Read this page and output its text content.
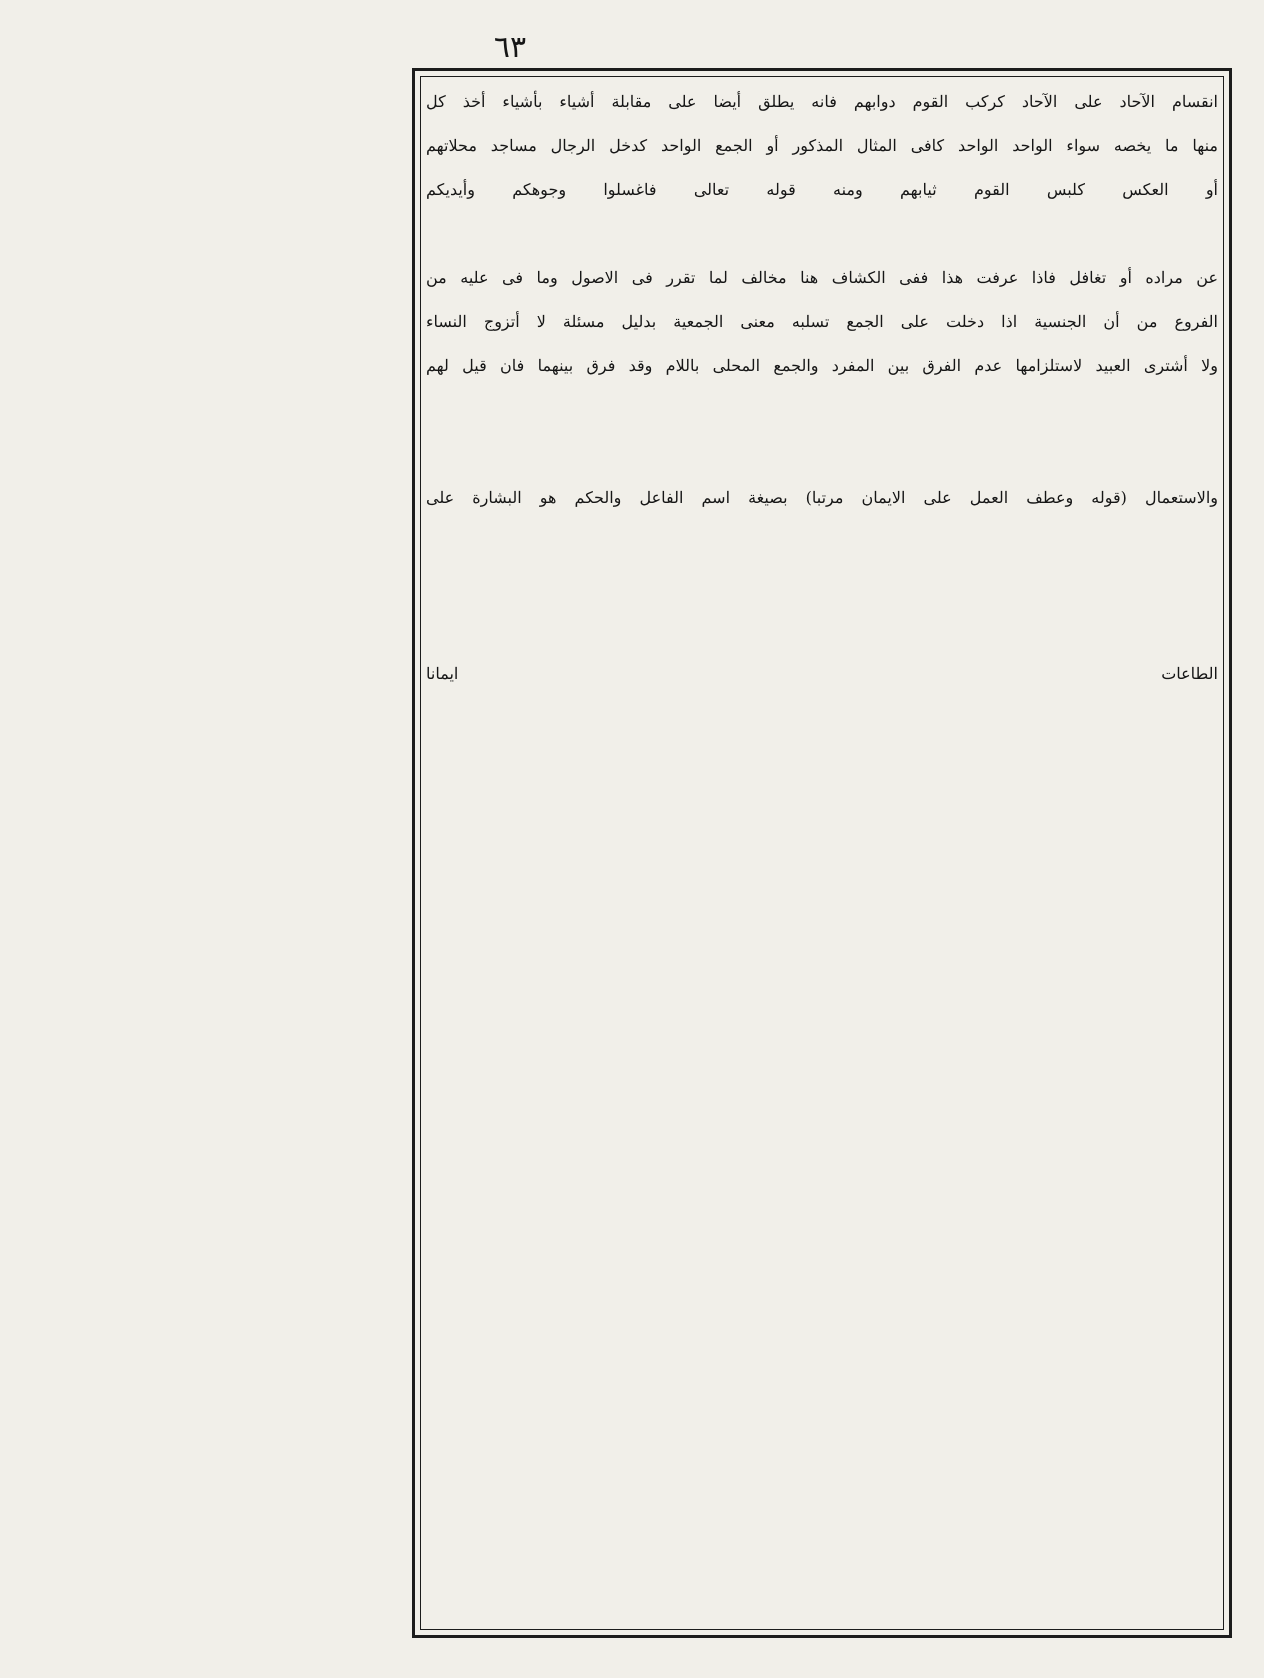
٦٣
انقسام الآحاد على الآحاد كركب القوم دوابهم فانه يطلق أيضا على مقابلة أشياء بأشياء أخذ كل
منها ما يخصه سواء الواحد الواحد كافى المثال المذكور أو الجمع الواحد كدخل الرجال مساجد محلاتهم
أو العكس كلبس القوم ثيابهم ومنه قوله تعالى فاغسلوا وجوهكم وأيديكم
عن مراده أو تغافل فاذا عرفت هذا ففى الكشاف هنا مخالف لما تقرر فى الاصول وما فى عليه من
الفروع من أن الجنسية اذا دخلت على الجمع تسلبه معنى الجمعية بدليل مسئلة لا أتزوج النساء
ولا أشترى العبيد لاستلزامها عدم الفرق بين المفرد والجمع المحلى باللام وقد فرق بينهما فان قيل لهم
والاستعمال (قوله وعطف العمل على الايمان مرتبا) بصيغة اسم الفاعل والحكم هو البشارة على
الطاعات ايمانا
